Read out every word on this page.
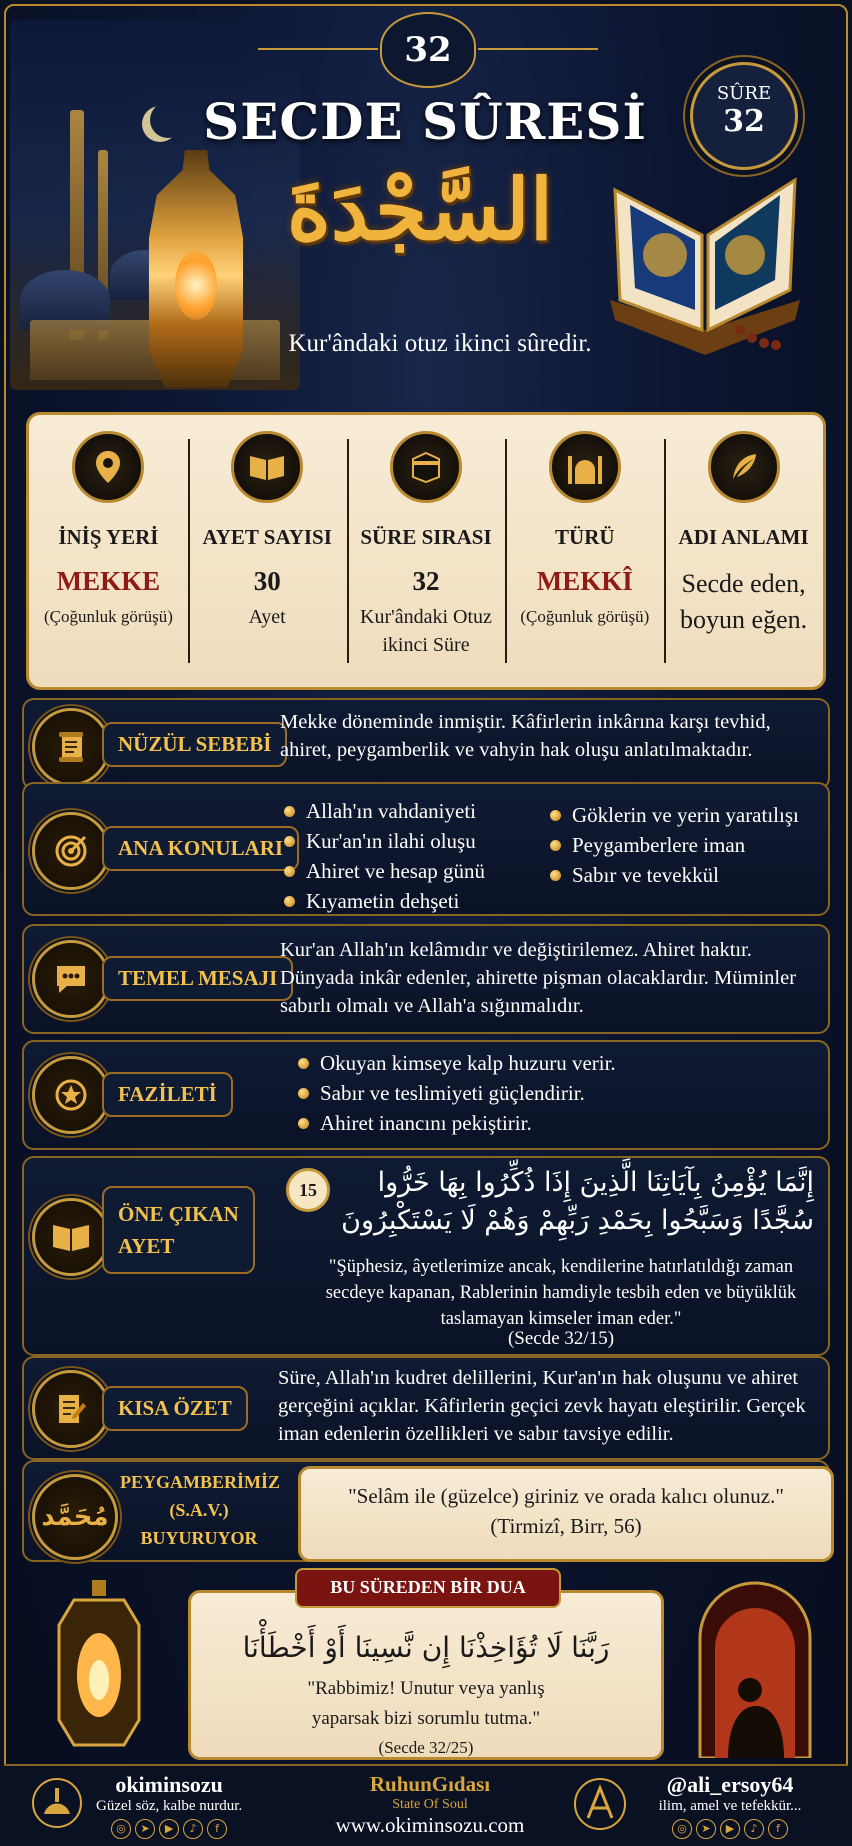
32
SECDE SÛRESİ	SÛRE
32
السَّجْدَةَ
Kur'ândaki otuz ikinci sûredir.
İNİŞ YERİ
MEKKE
(Çoğunluk görüşü)
AYET SAYISI
30
Ayet
SÜRE SIRASI
32
Kur'ândaki Otuz ikinci Süre
TÜRÜ
MEKKÎ
(Çoğunluk görüşü)
ADI ANLAMI
Secde eden, boyun eğen.
NÜZÜL SEBEBİ
Mekke döneminde inmiştir. Kâfirlerin inkârına karşı tevhid, ahiret, peygamberlik ve vahyin hak oluşu anlatılmaktadır.
ANA KONULARI
Allah'ın vahdaniyeti
Kur'an'ın ilahi oluşu
Ahiret ve hesap günü
Kıyametin dehşeti
Göklerin ve yerin yaratılışı
Peygamberlere iman
Sabır ve tevekkül
TEMEL MESAJI
Kur'an Allah'ın kelâmıdır ve değiştirilemez. Ahiret haktır. Dünyada inkâr edenler, ahirette pişman olacaklardır. Müminler sabırlı olmalı ve Allah'a sığınmalıdır.
FAZİLETİ
Okuyan kimseye kalp huzuru verir.
Sabır ve teslimiyeti güçlendirir.
Ahiret inancını pekiştirir.
ÖNE ÇIKAN
AYET
15	إِنَّمَا يُؤْمِنُ بِآيَاتِنَا الَّذِينَ إِذَا ذُكِّرُوا بِهَا خَرُّوا سُجَّدًا وَسَبَّحُوا بِحَمْدِ رَبِّهِمْ وَهُمْ لَا يَسْتَكْبِرُونَ
"Şüphesiz, âyetlerimize ancak, kendilerine hatırlatıldığı zaman secdeye kapanan, Rablerinin hamdiyle tesbih eden ve büyüklük taslamayan kimseler iman eder."
(Secde 32/15)
KISA ÖZET
Süre, Allah'ın kudret delillerini, Kur'an'ın hak oluşunu ve ahiret gerçeğini açıklar. Kâfirlerin geçici zevk hayatı eleştirilir. Gerçek iman edenlerin özellikleri ve sabır tavsiye edilir.
مُحَمَّد
PEYGAMBERİMİZ
(S.A.V.)
BUYURUYOR
"Selâm ile (güzelce) giriniz ve orada kalıcı olunuz."
(Tirmizî, Birr, 56)
BU SÜREDEN BİR DUA
رَبَّنَا لَا تُؤَاخِذْنَا إِن نَّسِينَا أَوْ أَخْطَأْنَا
"Rabbimiz! Unutur veya yanlış yaparsak bizi sorumlu tutma."
(Secde 32/25)
okiminsozu
Güzel söz, kalbe nurdur.
◎ ➤ ▶ ♪ f
RuhunGıdası
State Of Soul
www.okiminsozu.com
@ali_ersoy64
ilim, amel ve tefekkür...
◎ ➤ ▶ ♪ f
